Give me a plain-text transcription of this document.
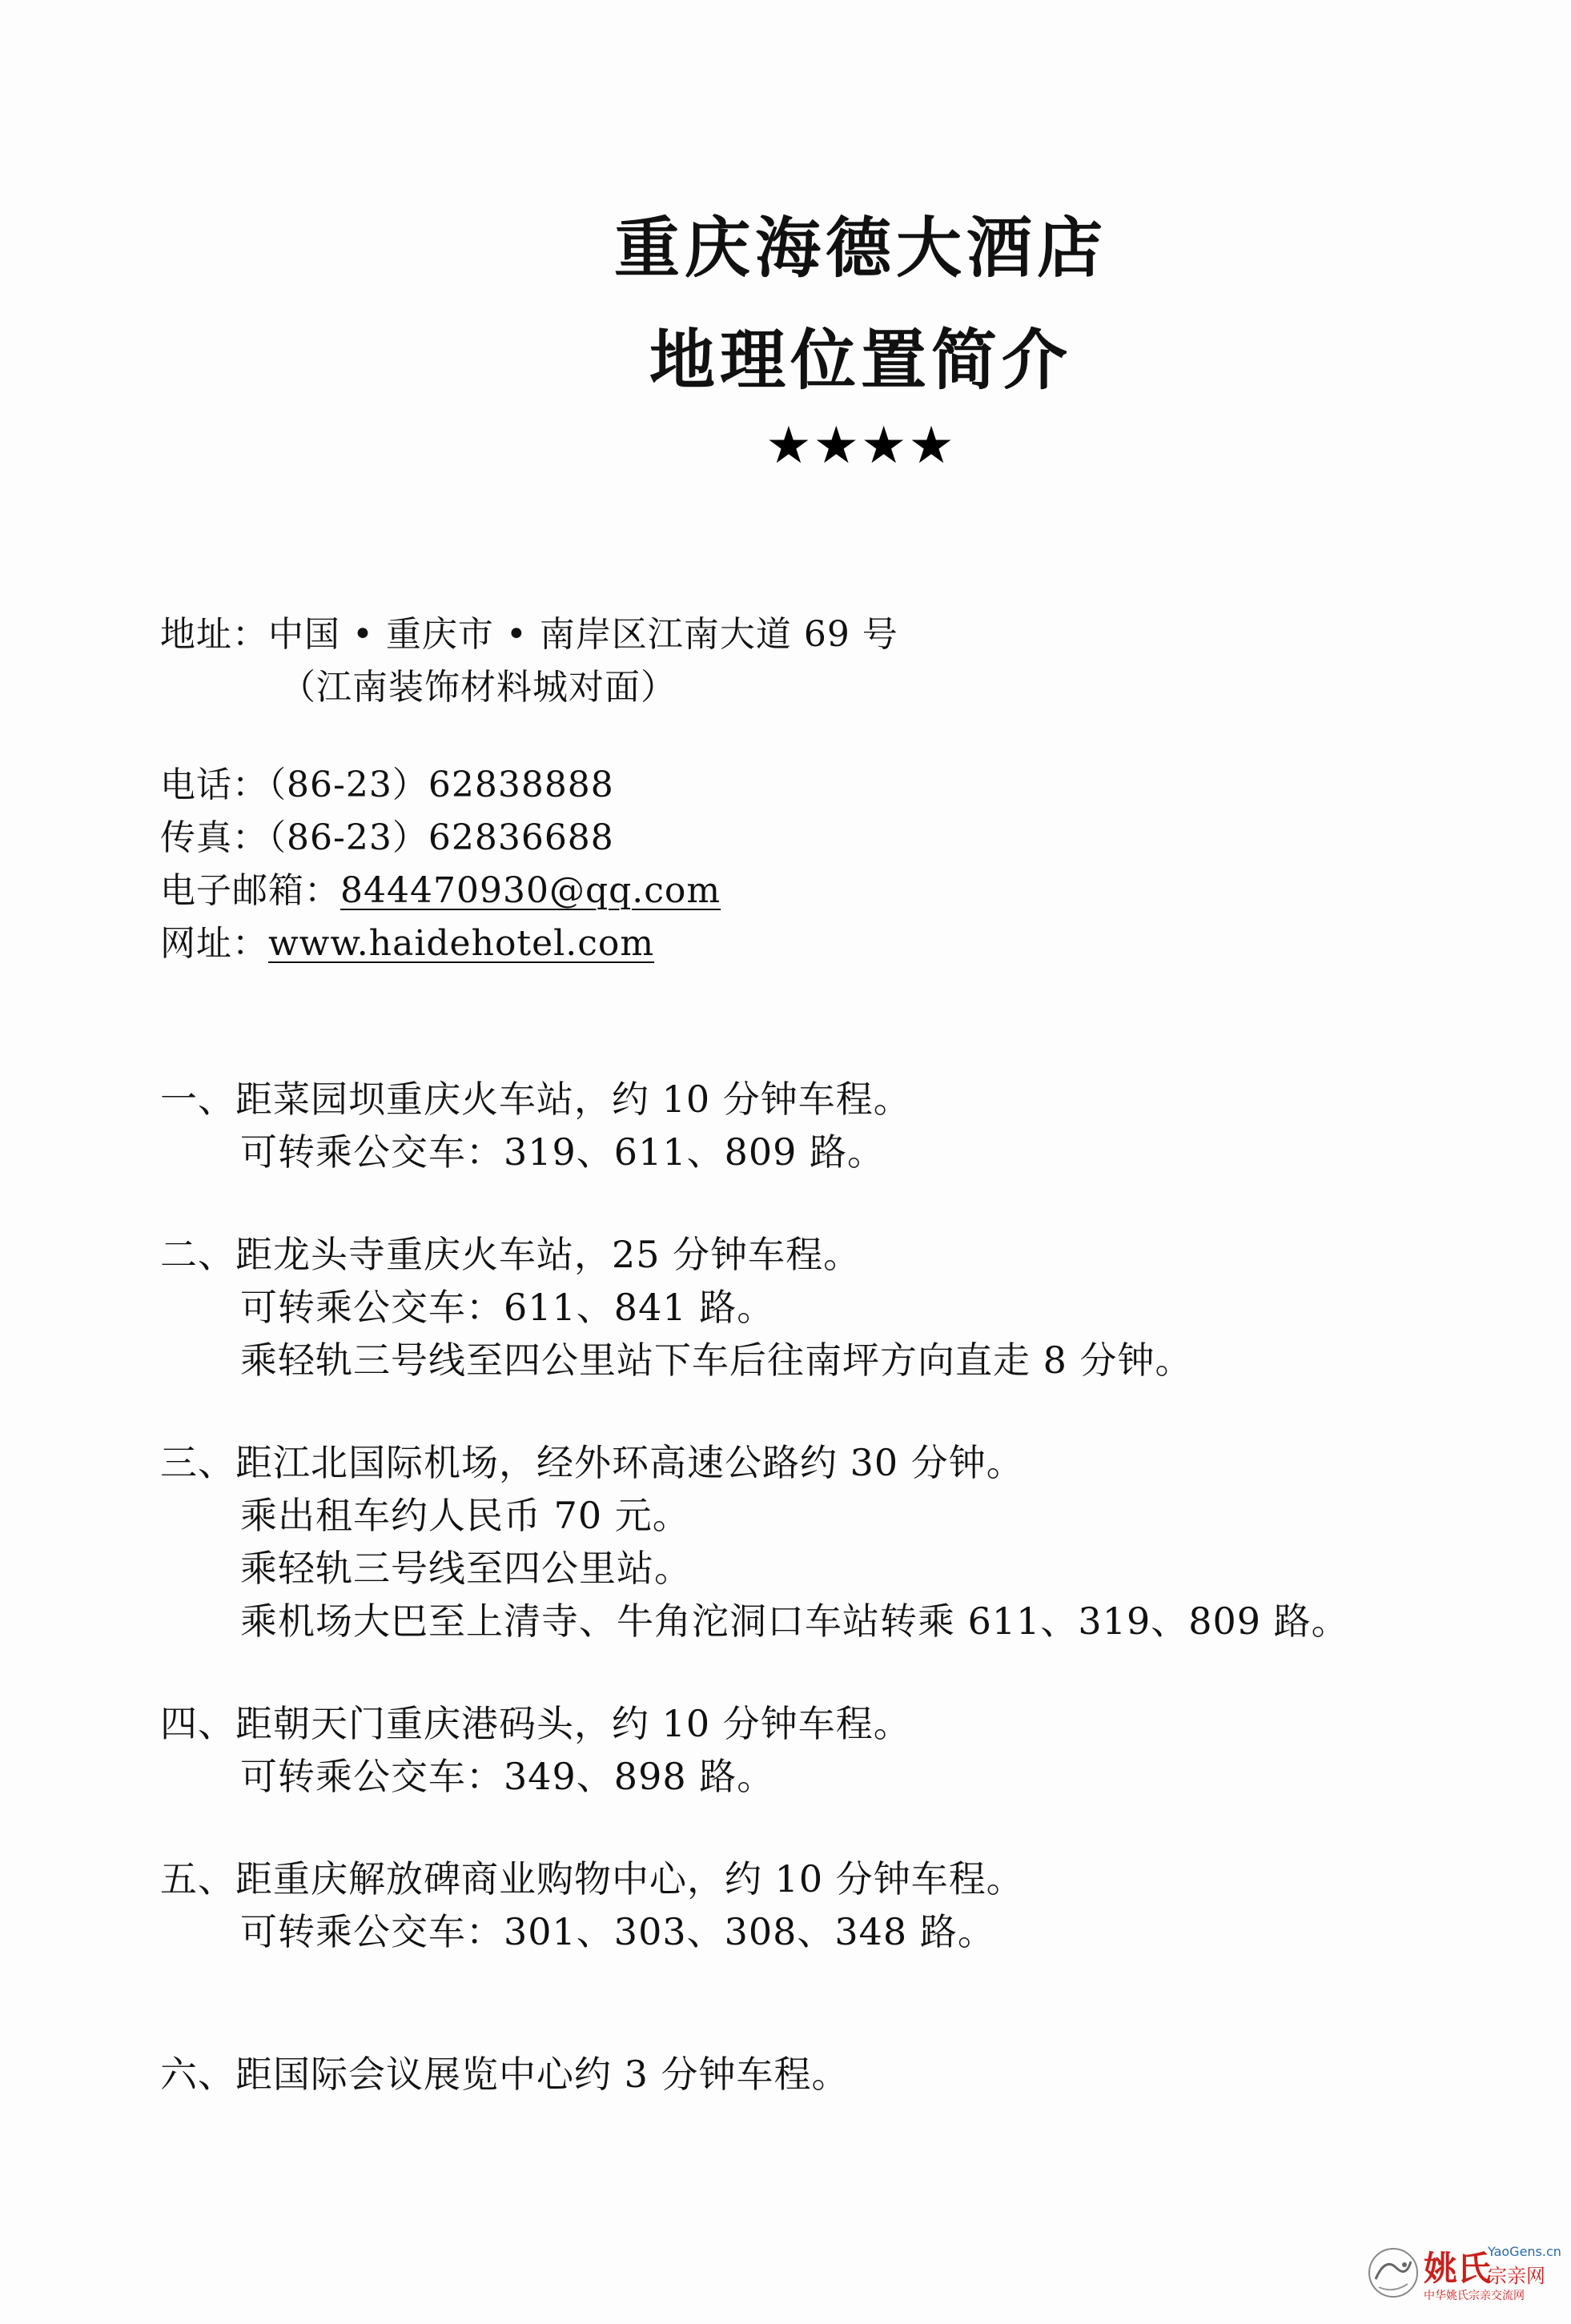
重庆海德大酒店
地理位置简介
★★★★
地址：中国 • 重庆市 • 南岸区江南大道 69 号
（江南装饰材料城对面）
电话：（86-23）62838888
传真：（86-23）62836688
电子邮箱：844470930@qq.com
网址：www.haidehotel.com
一、距菜园坝重庆火车站，约 10 分钟车程。
可转乘公交车：319、611、809 路。
二、距龙头寺重庆火车站，25 分钟车程。
可转乘公交车：611、841 路。
乘轻轨三号线至四公里站下车后往南坪方向直走 8 分钟。
三、距江北国际机场，经外环高速公路约 30 分钟。
乘出租车约人民币 70 元。
乘轻轨三号线至四公里站。
乘机场大巴至上清寺、牛角沱洞口车站转乘 611、319、809 路。
四、距朝天门重庆港码头，约 10 分钟车程。
可转乘公交车：349、898 路。
五、距重庆解放碑商业购物中心，约 10 分钟车程。
可转乘公交车：301、303、308、348 路。
六、距国际会议展览中心约 3 分钟车程。
姚氏
YaoGens.cn
宗亲网
中华姚氏宗亲交流网
